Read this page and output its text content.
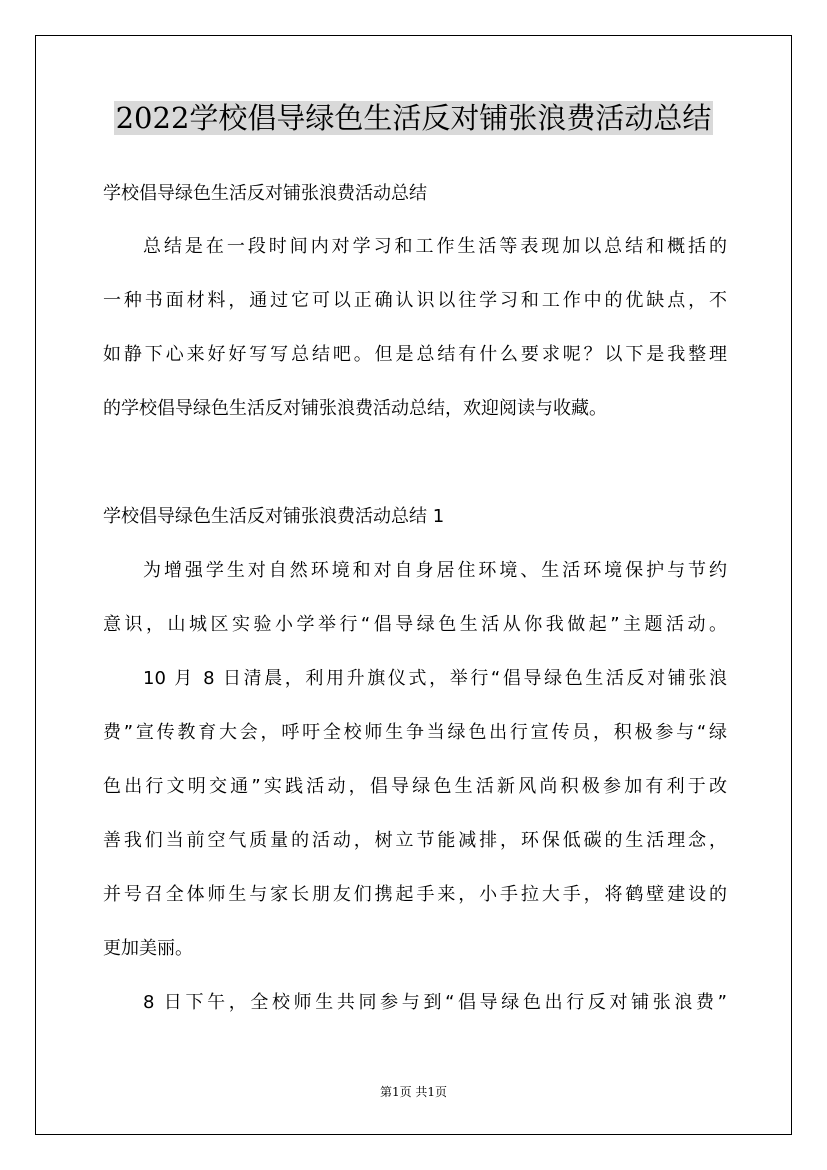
2022学校倡导绿色生活反对铺张浪费活动总结
学校倡导绿色生活反对铺张浪费活动总结
总结是在一段时间内对学习和工作生活等表现加以总结和概括的
一种书面材料，通过它可以正确认识以往学习和工作中的优缺点，不
如静下心来好好写写总结吧。但是总结有什么要求呢？以下是我整理
的学校倡导绿色生活反对铺张浪费活动总结，欢迎阅读与收藏。
学校倡导绿色生活反对铺张浪费活动总结 1
为增强学生对自然环境和对自身居住环境、生活环境保护与节约
意识，山城区实验小学举行“倡导绿色生活从你我做起”主题活动。
10 月 8 日清晨，利用升旗仪式，举行“倡导绿色生活反对铺张浪
费”宣传教育大会，呼吁全校师生争当绿色出行宣传员，积极参与“绿
色出行文明交通”实践活动，倡导绿色生活新风尚积极参加有利于改
善我们当前空气质量的活动，树立节能减排，环保低碳的生活理念，
并号召全体师生与家长朋友们携起手来，小手拉大手，将鹤壁建设的
更加美丽。
8 日下午，全校师生共同参与到“倡导绿色出行反对铺张浪费”
第1页 共1页
